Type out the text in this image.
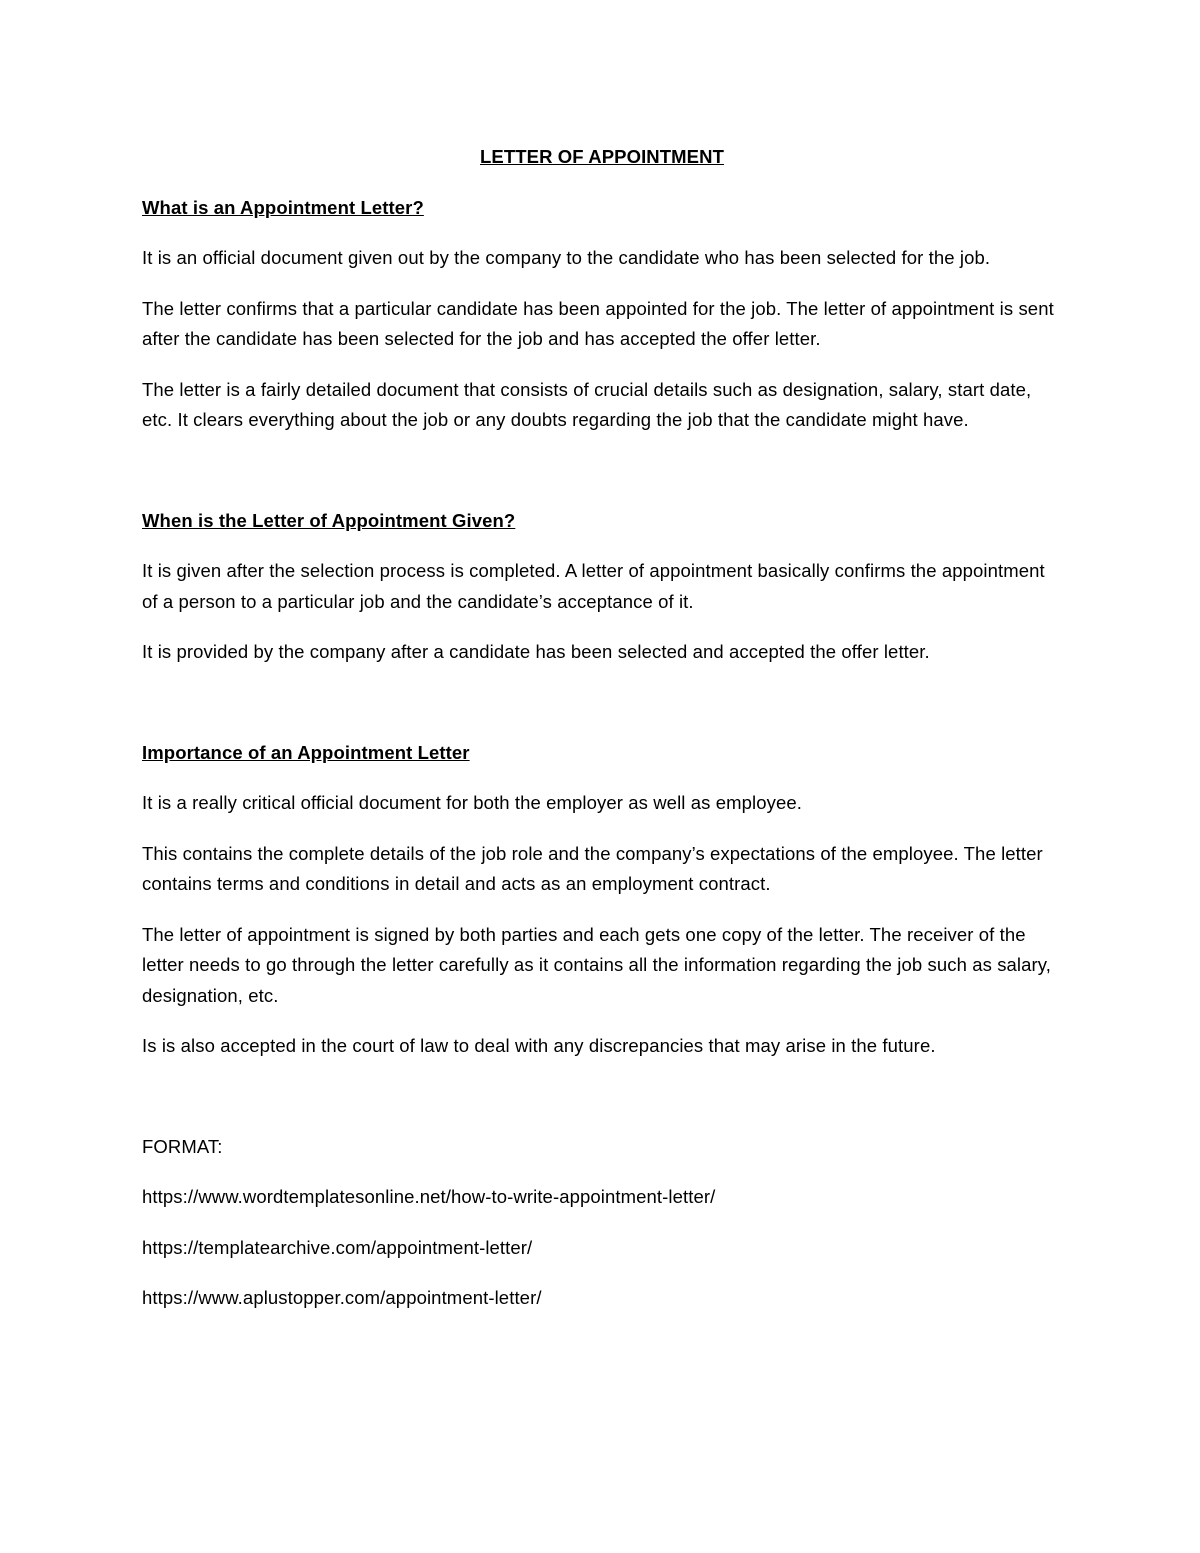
LETTER OF APPOINTMENT
What is an Appointment Letter?

It is an official document given out by the company to the candidate who has been selected for the job.

The letter confirms that a particular candidate has been appointed for the job. The letter of appointment is sent after the candidate has been selected for the job and has accepted the offer letter.

The letter is a fairly detailed document that consists of crucial details such as designation, salary, start date, etc. It clears everything about the job or any doubts regarding the job that the candidate might have.

When is the Letter of Appointment Given?

It is given after the selection process is completed. A letter of appointment basically confirms the appointment of a person to a particular job and the candidate’s acceptance of it.

It is provided by the company after a candidate has been selected and accepted the offer letter.

Importance of an Appointment Letter

It is a really critical official document for both the employer as well as employee.

This contains the complete details of the job role and the company’s expectations of the employee. The letter contains terms and conditions in detail and acts as an employment contract.

The letter of appointment is signed by both parties and each gets one copy of the letter. The receiver of the letter needs to go through the letter carefully as it contains all the information regarding the job such as salary, designation, etc.

Is is also accepted in the court of law to deal with any discrepancies that may arise in the future.

FORMAT:

https://www.wordtemplatesonline.net/how-to-write-appointment-letter/
https://templatearchive.com/appointment-letter/
https://www.aplustopper.com/appointment-letter/
